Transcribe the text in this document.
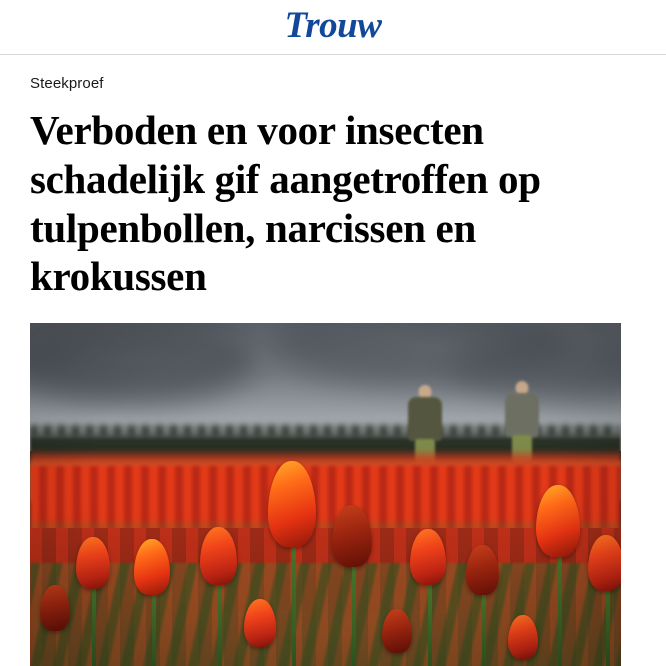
Trouw
Steekproef
Verboden en voor insecten schadelijk gif aangetroffen op tulpenbollen, narcissen en krokussen
